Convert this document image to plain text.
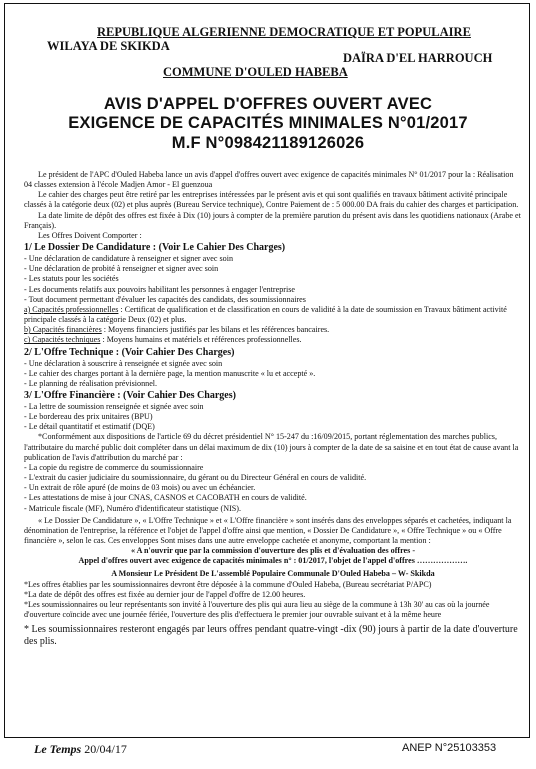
REPUBLIQUE ALGERIENNE DEMOCRATIQUE ET POPULAIRE
WILAYA DE SKIKDA
DAÏRA D'EL HARROUCH
COMMUNE D'OULED HABEBA
AVIS D'APPEL D'OFFRES OUVERT AVEC
EXIGENCE DE CAPACITÉS MINIMALES N°01/2017
M.F N°098421189126026

Le président de l'APC d'Ouled Habeba lance un avis d'appel d'offres ouvert avec exigence de capacités minimales N° 01/2017 pour la : Réalisation 04 classes extension à l'école Madjen Amor - El guenzoua

Le cahier des charges peut être retiré par les entreprises intéressées par le présent avis et qui sont qualifiés en travaux bâtiment activité principale classés à la catégorie deux (02) et plus auprès (Bureau Service technique), Contre Paiement de : 5 000.00 DA frais du cahier des charges et participation.

La date limite de dépôt des offres est fixée à Dix (10) jours à compter de la première parution du présent avis dans les quotidiens nationaux (Arabe et Français).

Les Offres Doivent Comporter :

1/ Le Dossier De Candidature : (Voir Le Cahier Des Charges)

- Une déclaration de candidature à renseigner et signer avec soin

- Une déclaration de probité à renseigner et signer avec soin

- Les statuts pour les sociétés

- Les documents relatifs aux pouvoirs habilitant les personnes à engager l'entreprise

- Tout document permettant d'évaluer les capacités des candidats, des soumissionnaires

a) Capacités professionnelles : Certificat de qualification et de classification en cours de validité à la date de soumission en Travaux bâtiment activité principale classés à la catégorie Deux (02) et plus.

b) Capacités financières : Moyens financiers justifiés par les bilans et les références bancaires.

c) Capacités techniques : Moyens humains et matériels et références professionnelles.

2/ L'Offre Technique : (Voir Cahier Des Charges)

- Une déclaration à souscrire à renseignée et signée avec soin

- Le cahier des charges portant à la dernière page, la mention manuscrite « lu et accepté ».

- Le planning de réalisation prévisionnel.

3/ L'Offre Financière : (Voir Cahier Des Charges)

- La lettre de soumission renseignée et signée avec soin

- Le bordereau des prix unitaires (BPU)

- Le détail quantitatif et estimatif (DQE)

*Conformément aux dispositions de l'article 69 du décret présidentiel N° 15-247 du :16/09/2015, portant réglementation des marches publics, l'attributaire du marché public doit compléter dans un délai maximum de dix (10) jours à compter de la date de sa saisine et en tout état de cause avant la publication de l'avis d'attribution du marché par :

- La copie du registre de commerce du soumissionnaire

- L'extrait du casier judiciaire du soumissionnaire, du gérant ou du Directeur Général en cours de validité.

- Un extrait de rôle apuré (de moins de 03 mois) ou avec un échéancier.

- Les attestations de mise à jour CNAS, CASNOS et CACOBATH en cours de validité.

- Matricule fiscale (MF), Numéro d'identificateur statistique (NIS).

« Le Dossier De Candidature », « L'Offre Technique » et « L'Offre financière » sont insérés dans des enveloppes séparés et cachetées, indiquant la dénomination de l'entreprise, la référence et l'objet de l'appel d'offre ainsi que mention, « Dossier De Candidature », « Offre Technique » ou « Offre financière », selon le cas. Ces enveloppes Sont mises dans une autre enveloppe cachetée et anonyme, comportant la mention :

« A n'ouvrir que par la commission d'ouverture des plis et d'évaluation des offres -

Appel d'offres ouvert avec exigence de capacités minimales n° : 01/2017, l'objet de l'appel d'offres ……………….

A Monsieur Le Président De L'assemblé Populaire Communale D'Ouled Habeba – W- Skikda

*Les offres établies par les soumissionnaires devront être déposée à la commune d'Ouled Habeba, (Bureau secrétariat P/APC)

*La date de dépôt des offres est fixée au dernier jour de l'appel d'offre de 12.00 heures.

*Les soumissionnaires ou leur représentants son invité à l'ouverture des plis qui aura lieu au siège de la commune à 13h 30' au cas où la journée d'ouverture coïncide avec une journée fériée, l'ouverture des plis d'effectuera le premier jour ouvrable suivant et à la même heure

* Les soumissionnaires resteront engagés par leurs offres pendant quatre-vingt -dix (90) jours à partir de la date d'ouverture des plis.

Le Temps 20/04/17	ANEP N°25103353
